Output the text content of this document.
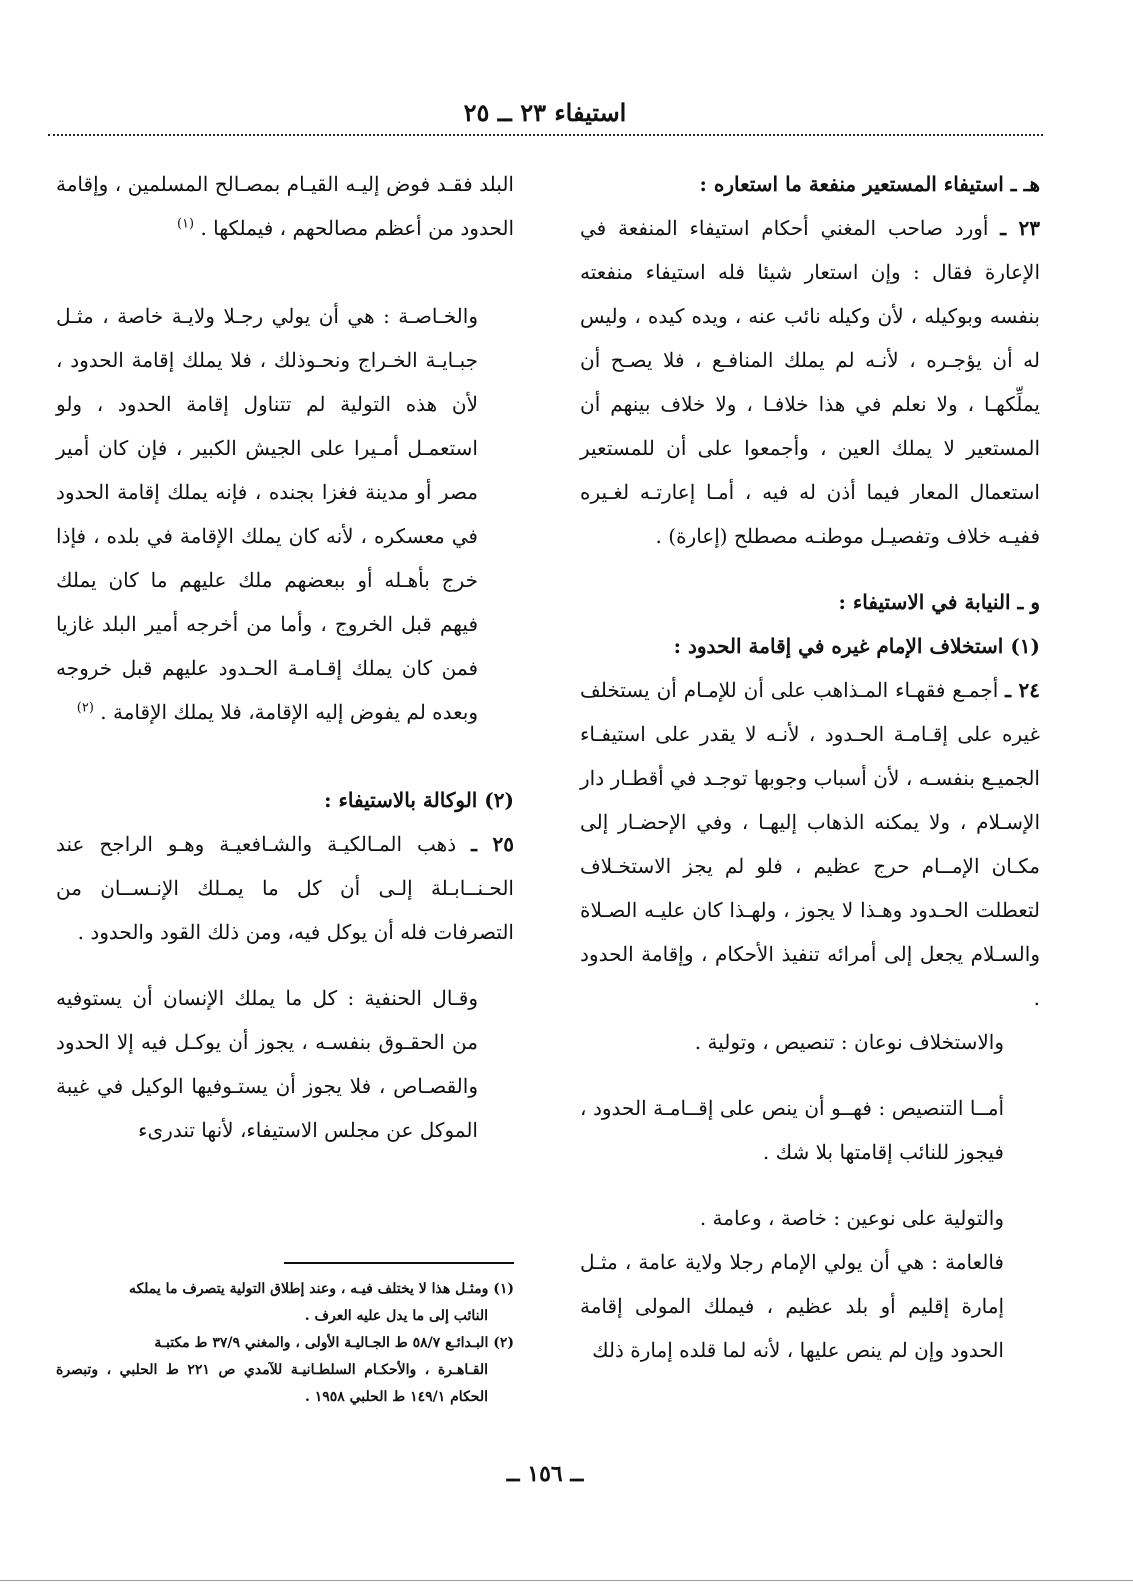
استيفاء ٢٣ ــ ٢٥

هـ ـ استيفاء المستعير منفعة ما استعاره :

٢٣ ـ أورد صاحب المغني أحكام استيفاء المنفعة في الإعارة فقال : وإن استعار شيئا فله استيفاء منفعته بنفسه وبوكيله ، لأن وكيله نائب عنه ، ويده كيده ، وليس له أن يؤجـره ، لأنـه لم يملك المنافـع ، فلا يصـح أن يملِّكهـا ، ولا نعلم في هذا خلافـا ، ولا خلاف بينهم أن المستعير لا يملك العين ، وأجمعوا على أن للمستعير استعمال المعار فيما أذن له فيه ، أمـا إعارتـه لغـيره ففيـه خلاف وتفصيـل موطنـه مصطلح (إعارة) .

و ـ النيابة في الاستيفاء :

(١) استخلاف الإمام غيره في إقامة الحدود :

٢٤ ـ أجمـع فقهـاء المـذاهب على أن للإمـام أن يستخلف غيره على إقـامـة الحـدود ، لأنـه لا يقدر على استيفـاء الجميـع بنفسـه ، لأن أسباب وجوبها توجـد في أقطـار دار الإسـلام ، ولا يمكنه الذهاب إليهـا ، وفي الإحضـار إلى مكـان الإمــام حرج عظيم ، فلو لم يجز الاستخـلاف لتعطلت الحـدود وهـذا لا يجوز ، ولهـذا كان عليـه الصـلاة والسـلام يجعل إلى أمرائه تنفيذ الأحكام ، وإقامة الحدود .

والاستخلاف نوعان : تنصيص ، وتولية .

أمــا التنصيص : فهــو أن ينص على إقــامـة الحدود ، فيجوز للنائب إقامتها بلا شك .

والتولية على نوعين : خاصة ، وعامة .

فالعامة : هي أن يولي الإمام رجلا ولاية عامة ، مثـل إمارة إقليم أو بلد عظيم ، فيملك المولى إقامة الحدود وإن لم ينص عليها ، لأنه لما قلده إمارة ذلك

البلد فقـد فوض إليـه القيـام بمصـالح المسلمين ، وإقامة الحدود من أعظم مصالحهم ، فيملكها . $^{(١)}$

والخـاصـة : هي أن يولي رجـلا ولايـة خاصة ، مثـل جبـايـة الخـراج ونحـوذلك ، فلا يملك إقامة الحدود ، لأن هذه التولية لم تتناول إقامة الحدود ، ولو استعمـل أمـيرا على الجيش الكبير ، فإن كان أمير مصر أو مدينة فغزا بجنده ، فإنه يملك إقامة الحدود في معسكره ، لأنه كان يملك الإقامة في بلده ، فإذا خرج بأهـله أو ببعضهم ملك عليهم ما كان يملك فيهم قبل الخروج ، وأما من أخرجه أمير البلد غازيا فمن كان يملك إقـامـة الحـدود عليهم قبل خروجه وبعده لم يفوض إليه الإقامة، فلا يملك الإقامة . $^{(٢)}$

(٢) الوكالة بالاستيفاء :

٢٥ ـ ذهب المـالكيـة والشـافعيـة وهـو الراجح عند الحـنــابـلة إلـى أن كل ما يمـلك الإنـســان من التصرفات فله أن يوكل فيه، ومن ذلك القود والحدود .

وقـال الحنفية : كل ما يملك الإنسان أن يستوفيه من الحقـوق بنفسـه ، يجوز أن يوكـل فيه إلا الحدود والقصـاص ، فلا يجوز أن يستـوفيها الوكيل في غيبة الموكل عن مجلس الاستيفاء، لأنها تندرىء

(١) ومثـل هذا لا يختلف فيـه ، وعند إطلاق التولية يتصرف ما يملكه
النائب إلى ما يدل عليه العرف .
(٢) البـدائـع ٥٨/٧ ط الجـاليـة الأولى ، والمغني ٣٧/٩ ط مكتبـة
القـاهـرة ، والأحكـام السلطـانيـة للآمدي ص ٢٢١ ط الحلبي ، وتبصرة الحكام ١٤٩/١ ط الحلبي ١٩٥٨ .
ــ ١٥٦ ــ
